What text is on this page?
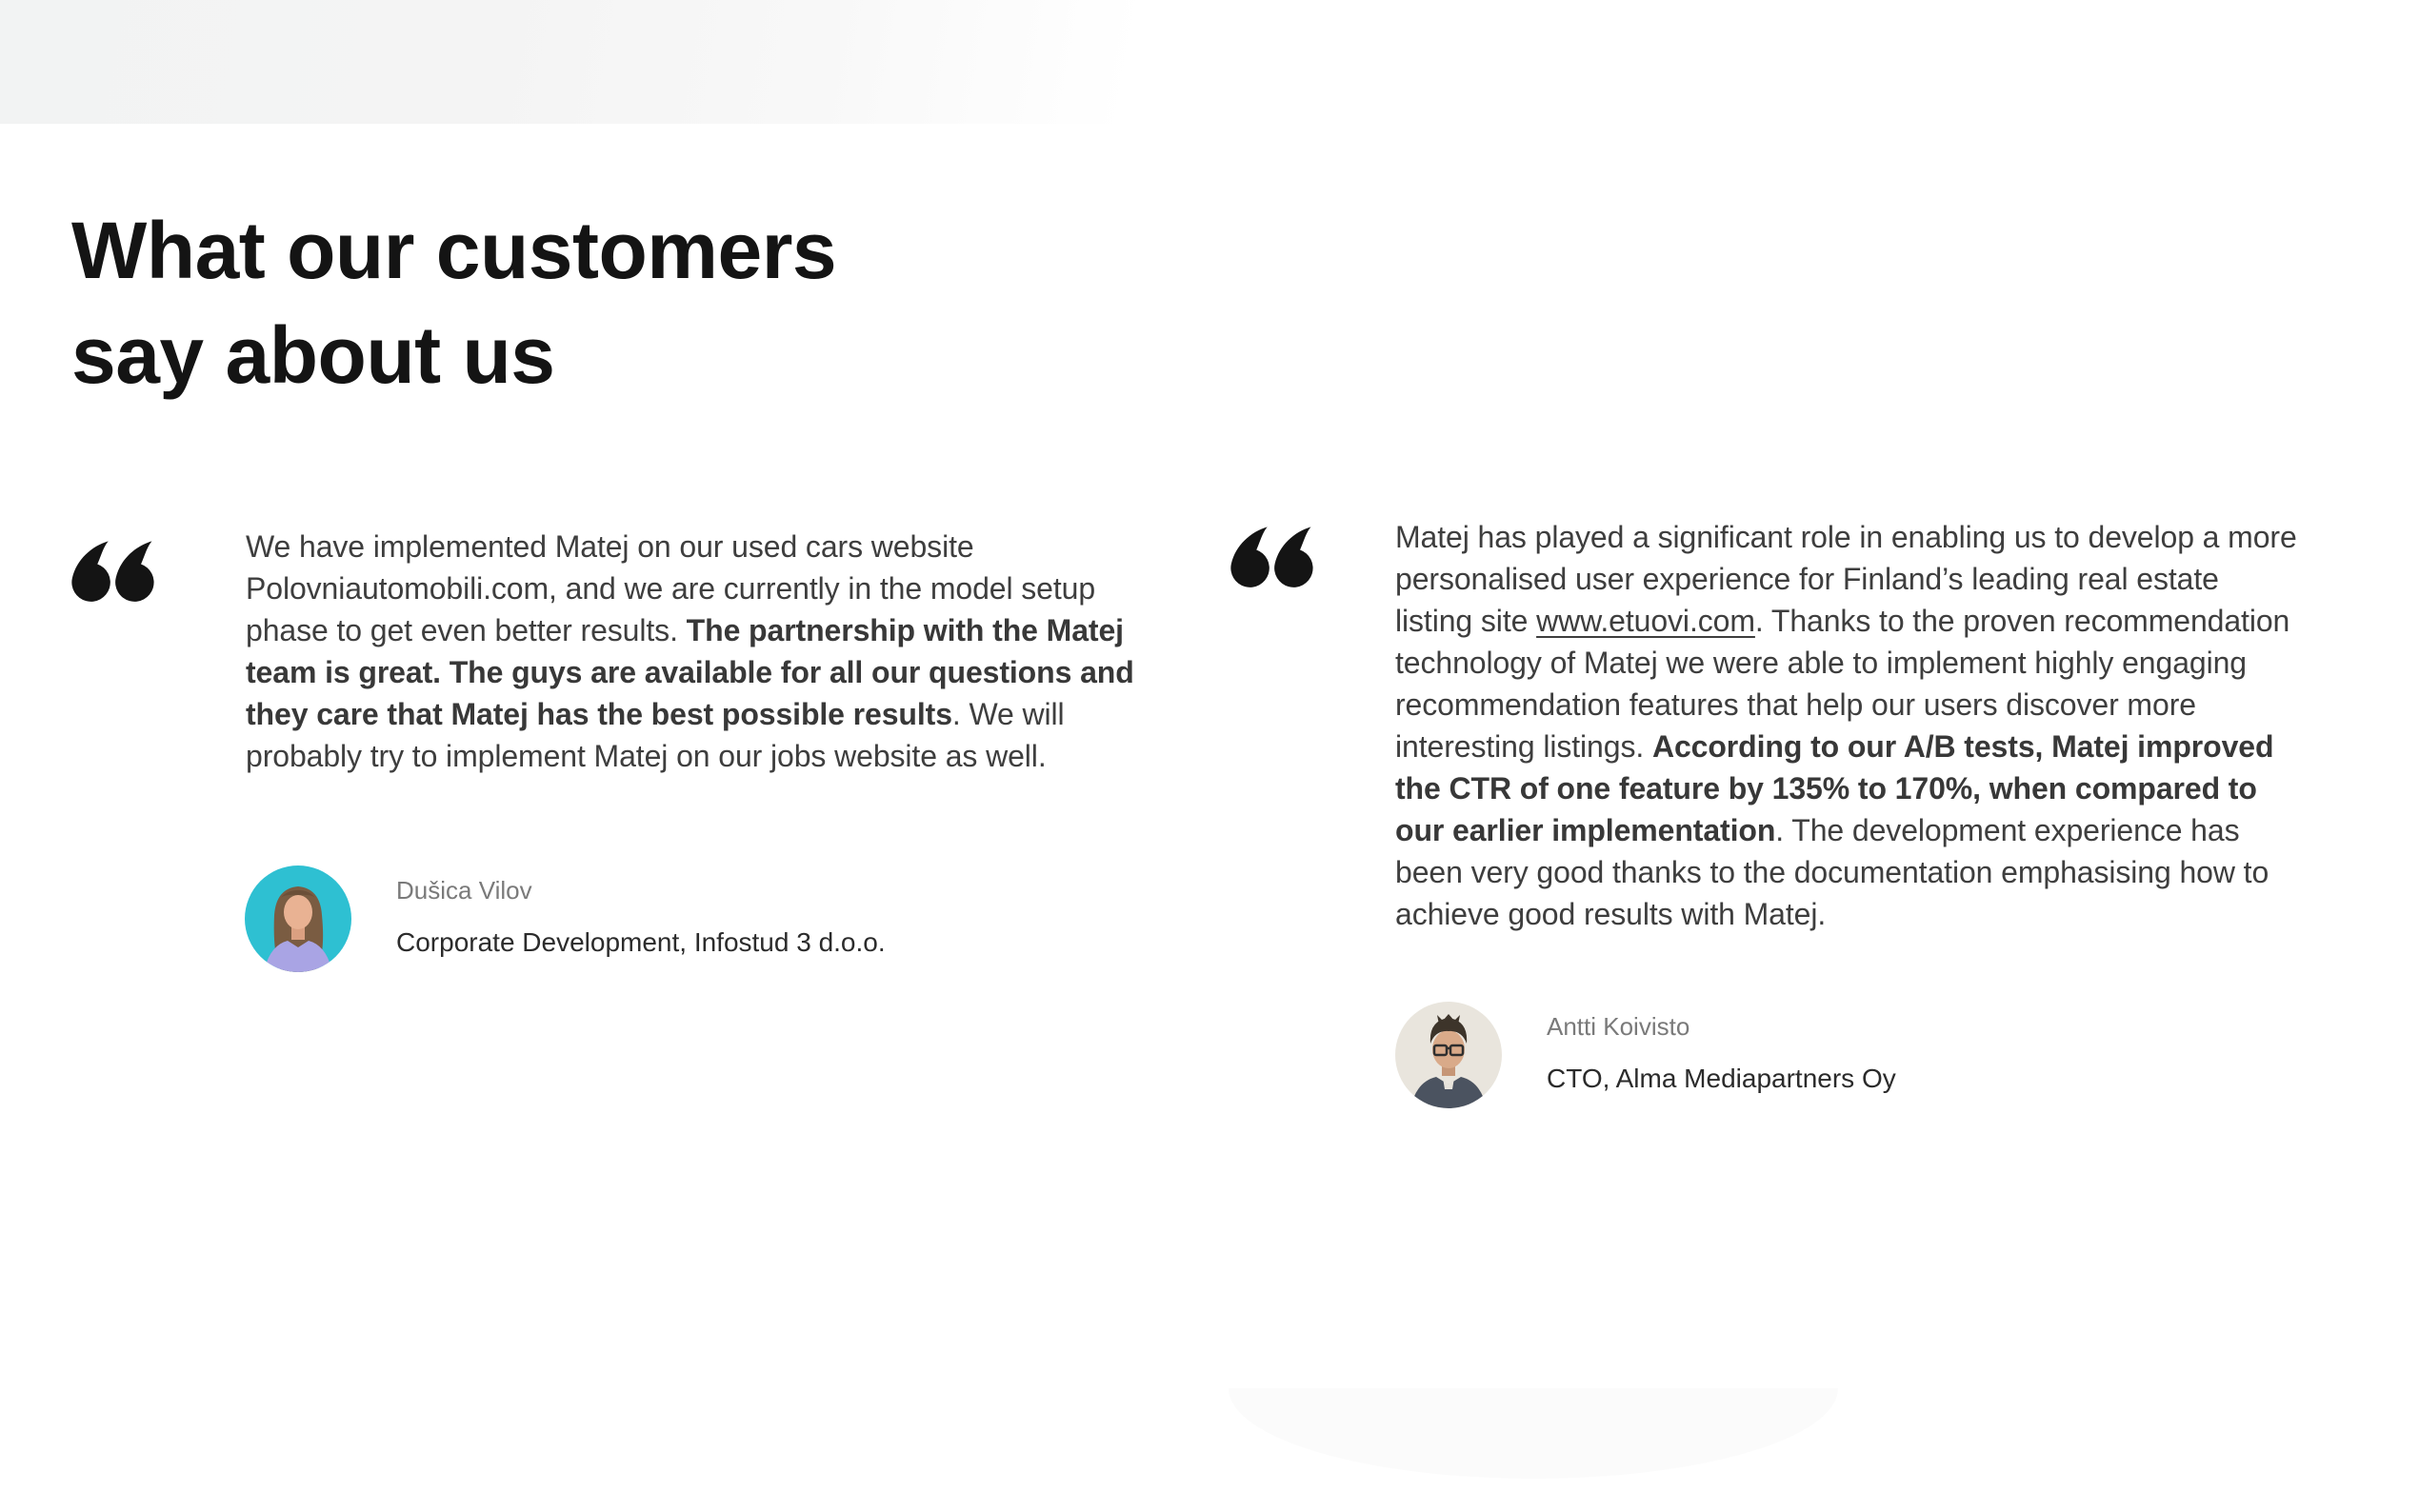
What our customers say about us

We have implemented Matej on our used cars website Polovniautomobili.com, and we are currently in the model setup phase to get even better results. The partnership with the Matej team is great. The guys are available for all our questions and they care that Matej has the best possible results. We will probably try to implement Matej on our jobs website as well.

Dušica Vilov
Corporate Development, Infostud 3 d.o.o.

Matej has played a significant role in enabling us to develop a more personalised user experience for Finland’s leading real estate listing site www.etuovi.com. Thanks to the proven recommendation technology of Matej we were able to implement highly engaging recommendation features that help our users discover more interesting listings. According to our A/B tests, Matej improved the CTR of one feature by 135% to 170%, when compared to our earlier implementation. The development experience has been very good thanks to the documentation emphasising how to achieve good results with Matej.

Antti Koivisto
CTO, Alma Mediapartners Oy
